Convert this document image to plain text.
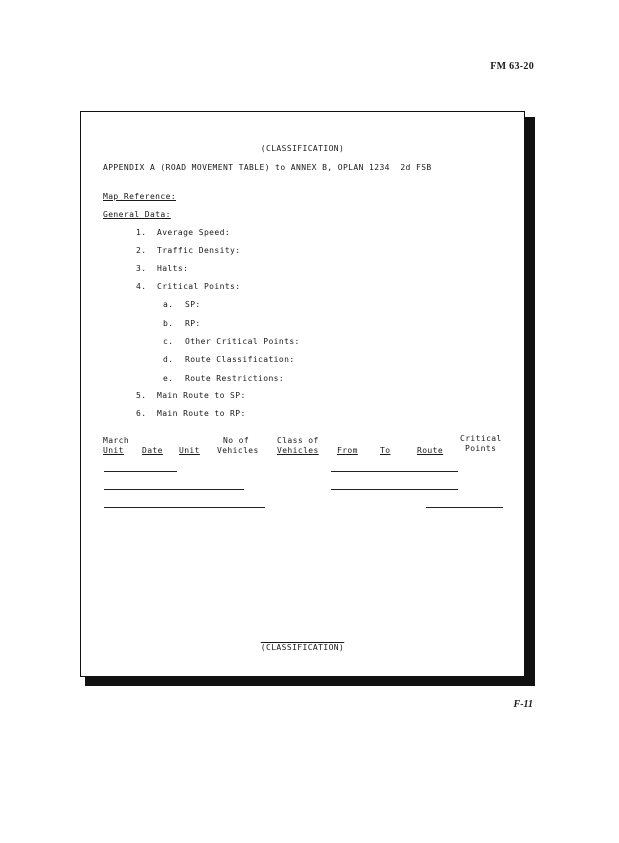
FM 63-20
(CLASSIFICATION)
APPENDIX A (ROAD MOVEMENT TABLE) to ANNEX B, OPLAN 1234  2d FSB
Map Reference:
General Data:
1. Average Speed:
2. Traffic Density:
3. Halts:
4. Critical Points:
a. SP:
b. RP:
c. Other Critical Points:
d. Route Classification:
e. Route Restrictions:
5. Main Route to SP:
6. Main Route to RP:
March
Unit Date Unit
No of
Vehicles
Class of
Vehicles From	To	Route
Critical
Points
(CLASSIFICATION)
F-11
